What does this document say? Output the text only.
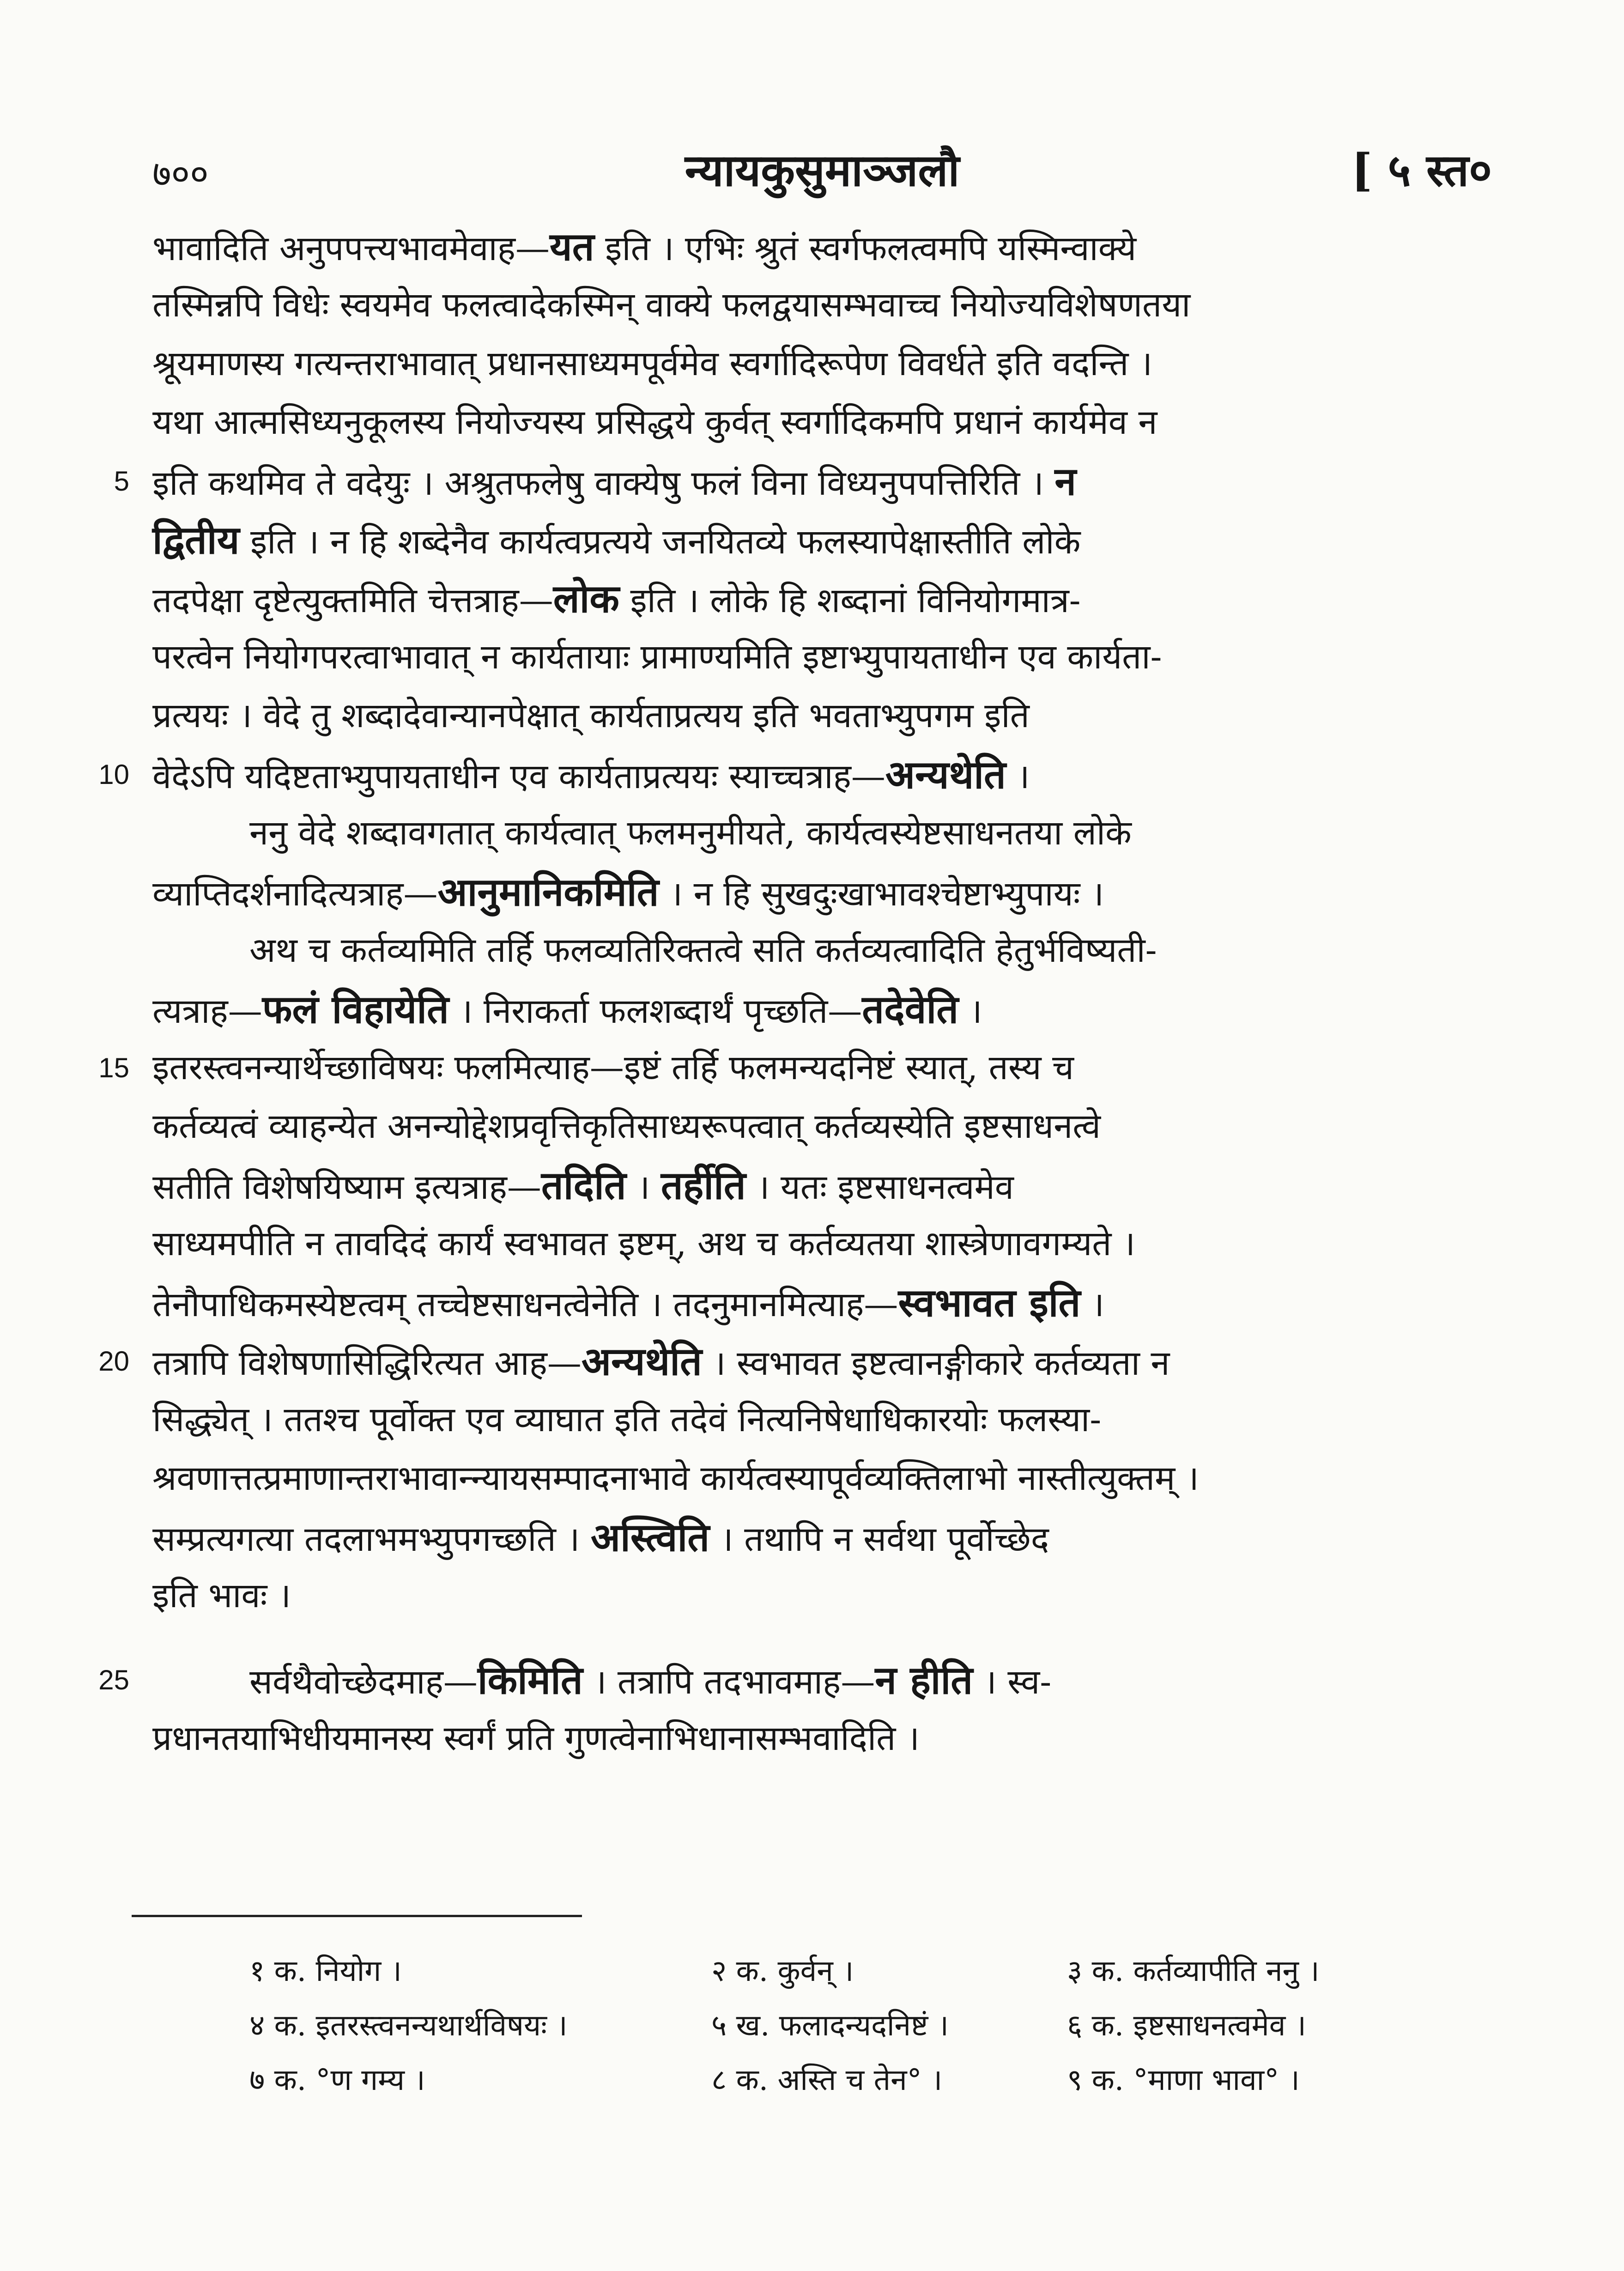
७००	न्यायकुसुमाञ्जलौ	[ ५ स्त०
भावादिति अनुपपत्त्यभावमेवाह—यत इति । एभिः श्रुतं स्वर्गफलत्वमपि यस्मिन्वाक्ये
तस्मिन्नपि विधेः स्वयमेव फलत्वादेकस्मिन् वाक्ये फलद्वयासम्भवाच्च नियोज्यविशेषणतया
श्रूयमाणस्य गत्यन्तराभावात् प्रधानसाध्यमपूर्वमेव स्वर्गादिरूपेण विवर्धते इति वदन्ति ।
यथा आत्मसिध्यनुकूलस्य नियोज्यस्य प्रसिद्धये कुर्वत् स्वर्गादिकमपि प्रधानं कार्यमेव न
5 इति कथमिव ते वदेयुः । अश्रुतफलेषु वाक्येषु फलं विना विध्यनुपपत्तिरिति । न
द्वितीय इति । न हि शब्देनैव कार्यत्वप्रत्यये जनयितव्ये फलस्यापेक्षास्तीति लोके
तदपेक्षा दृष्टेत्युक्तमिति चेत्तत्राह—लोक इति । लोके हि शब्दानां विनियोगमात्र-
परत्वेन नियोगपरत्वाभावात् न कार्यतायाः प्रामाण्यमिति इष्टाभ्युपायताधीन एव कार्यता-
प्रत्ययः । वेदे तु शब्दादेवान्यानपेक्षात् कार्यताप्रत्यय इति भवताभ्युपगम इति
10 वेदेऽपि यदिष्टताभ्युपायताधीन एव कार्यताप्रत्ययः स्याच्चत्राह—अन्यथेति ।
ननु वेदे शब्दावगतात् कार्यत्वात् फलमनुमीयते, कार्यत्वस्येष्टसाधनतया लोके
व्याप्तिदर्शनादित्यत्राह—आनुमानिकमिति । न हि सुखदुःखाभावश्चेष्टाभ्युपायः ।
अथ च कर्तव्यमिति तर्हि फलव्यतिरिक्तत्वे सति कर्तव्यत्वादिति हेतुर्भविष्यती-
त्यत्राह—फलं विहायेति । निराकर्ता फलशब्दार्थं पृच्छति—तदेवेति ।
15 इतरस्त्वनन्यार्थेच्छाविषयः फलमित्याह—इष्टं तर्हि फलमन्यदनिष्टं स्यात्, तस्य च
कर्तव्यत्वं व्याहन्येत अनन्योद्देशप्रवृत्तिकृतिसाध्यरूपत्वात् कर्तव्यस्येति इष्टसाधनत्वे
सतीति विशेषयिष्याम इत्यत्राह—तदिति । तर्हीति । यतः इष्टसाधनत्वमेव
साध्यमपीति न तावदिदं कार्यं स्वभावत इष्टम्, अथ च कर्तव्यतया शास्त्रेणावगम्यते ।
तेनौपाधिकमस्येष्टत्वम् तच्चेष्टसाधनत्वेनेति । तदनुमानमित्याह—स्वभावत इति ।
20 तत्रापि विशेषणासिद्धिरित्यत आह—अन्यथेति । स्वभावत इष्टत्वानङ्गीकारे कर्तव्यता न
सिद्ध्येत् । ततश्च पूर्वोक्त एव व्याघात इति तदेवं नित्यनिषेधाधिकारयोः फलस्या-
श्रवणात्तत्प्रमाणान्तराभावान्न्यायसम्पादनाभावे कार्यत्वस्यापूर्वव्यक्तिलाभो नास्तीत्युक्तम् ।
सम्प्रत्यगत्या तदलाभमभ्युपगच्छति । अस्त्विति । तथापि न सर्वथा पूर्वोच्छेद
इति भावः ।
25	सर्वथैवोच्छेदमाह—किमिति । तत्रापि तदभावमाह—न हीति । स्व-
प्रधानतयाभिधीयमानस्य स्वर्गं प्रति गुणत्वेनाभिधानासम्भवादिति ।
१ क. नियोग ।	२ क. कुर्वन् ।	३ क. कर्तव्यापीति ननु ।
४ क. इतरस्त्वनन्यथार्थविषयः ।	५ ख. फलादन्यदनिष्टं ।	६ क. इष्टसाधनत्वमेव ।
७ क. °ण गम्य ।	८ क. अस्ति च तेन° ।	९ क. °माणा भावा° ।
